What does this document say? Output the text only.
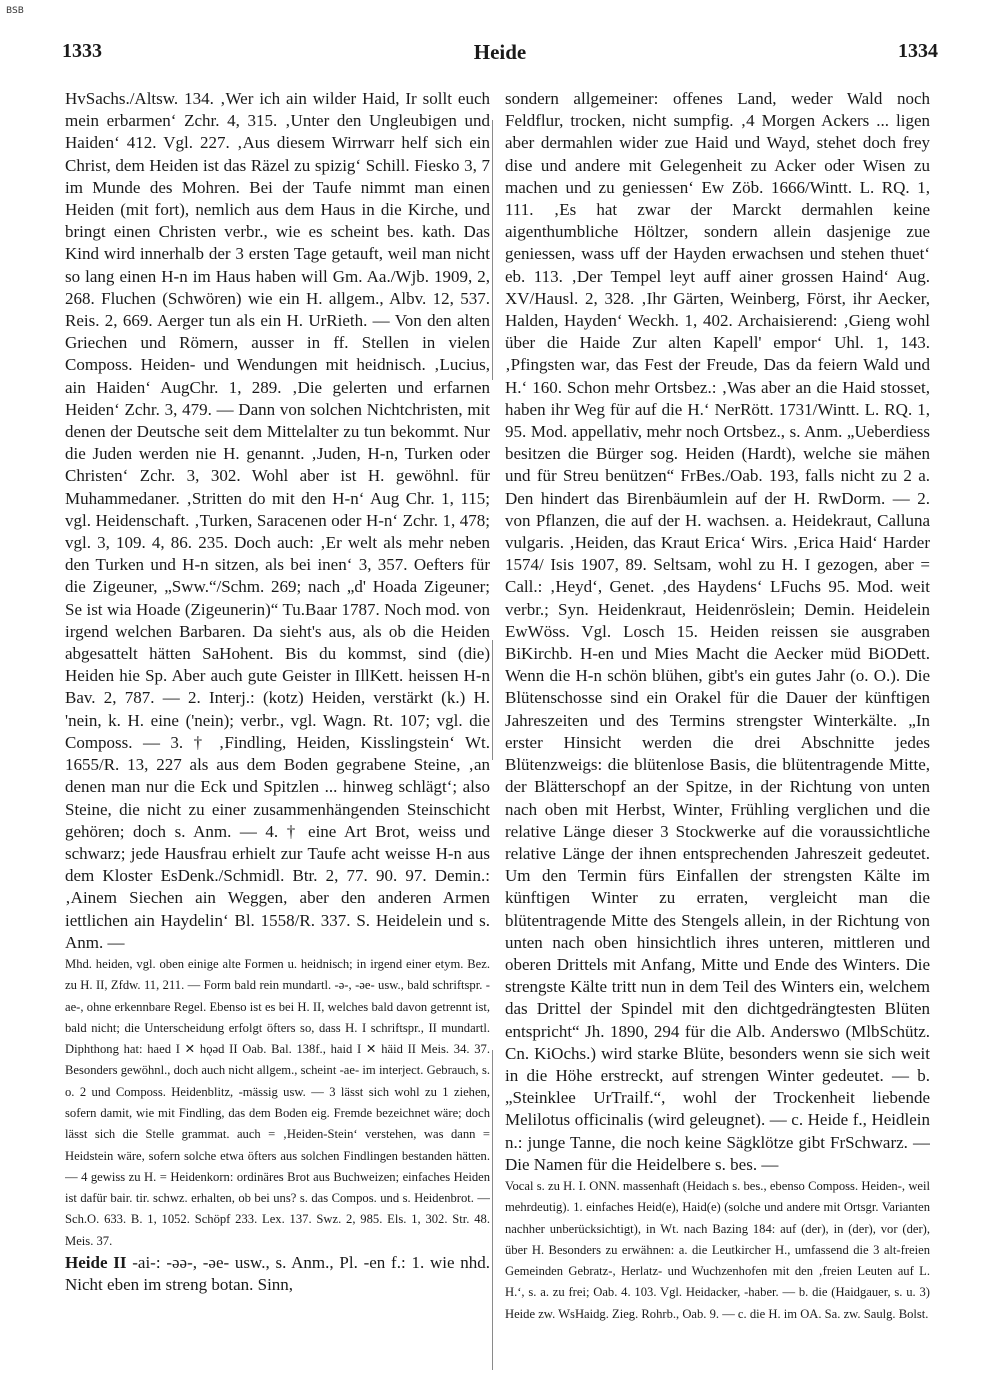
BSB
1333	Heide	1334

HvSachs./Altsw. 134. ‚Wer ich ain wilder Haid, Ir sollt euch mein erbarmen‘ Zchr. 4, 315. ‚Unter den Ungleubigen und Haiden‘ 412. Vgl. 227. ‚Aus diesem Wirrwarr helf sich ein Christ, dem Heiden ist das Räzel zu spizig‘ Schill. Fiesko 3, 7 im Munde des Mohren. Bei der Taufe nimmt man einen Heiden (mit fort), nemlich aus dem Haus in die Kirche, und bringt einen Christen verbr., wie es scheint bes. kath. Das Kind wird innerhalb der 3 ersten Tage getauft, weil man nicht so lang einen H-n im Haus haben will Gm. Aa./Wjb. 1909, 2, 268. Fluchen (Schwören) wie ein H. allgem., Albv. 12, 537. Reis. 2, 669. Aerger tun als ein H. UrRieth. — Von den alten Griechen und Römern, ausser in ff. Stellen in vielen Composs. Heiden- und Wendungen mit heidnisch. ‚Lucius, ain Haiden‘ AugChr. 1, 289. ‚Die gelerten und erfarnen Heiden‘ Zchr. 3, 479. — Dann von solchen Nichtchristen, mit denen der Deutsche seit dem Mittelalter zu tun bekommt. Nur die Juden werden nie H. genannt. ‚Juden, H-n, Turken oder Christen‘ Zchr. 3, 302. Wohl aber ist H. gewöhnl. für Muhammedaner. ‚Stritten do mit den H-n‘ Aug Chr. 1, 115; vgl. Heidenschaft. ‚Turken, Saracenen oder H-n‘ Zchr. 1, 478; vgl. 3, 109. 4, 86. 235. Doch auch: ‚Er welt als mehr neben den Turken und H-n sitzen, als bei inen‘ 3, 357. Oefters für die Zigeuner, „Sww.“/Schm. 269; nach „d' Hoada Zigeuner; Se ist wia Hoade (Zigeunerin)“ Tu.Baar 1787. Noch mod. von irgend welchen Barbaren. Da sieht's aus, als ob die Heiden abgesattelt hätten SaHohent. Bis du kommst, sind (die) Heiden hie Sp. Aber auch gute Geister in IllKett. heissen H-n Bav. 2, 787. — 2. Interj.: (kotz) Heiden, verstärkt (k.) H. 'nein, k. H. eine ('nein); verbr., vgl. Wagn. Rt. 107; vgl. die Composs. — 3. † ‚Findling, Heiden, Kisslingstein‘ Wt. 1655/R. 13, 227 als aus dem Boden gegrabene Steine, ‚an denen man nur die Eck und Spitzlen ... hinweg schlägt‘; also Steine, die nicht zu einer zusammenhängenden Steinschicht gehören; doch s. Anm. — 4. † eine Art Brot, weiss und schwarz; jede Hausfrau erhielt zur Taufe acht weisse H-n aus dem Kloster EsDenk./Schmidl. Btr. 2, 77. 90. 97. Demin.: ‚Ainem Siechen ain Weggen, aber den anderen Armen iettlichen ain Haydelin‘ Bl. 1558/R. 337. S. Heidelein und s. Anm. —

Mhd. heiden, vgl. oben einige alte Formen u. heidnisch; in irgend einer etym. Bez. zu H. II, Zfdw. 11, 211. — Form bald rein mundartl. -ǝ-, -ǝe- usw., bald schriftspr. -ae-, ohne erkennbare Regel. Ebenso ist es bei H. II, welches bald davon getrennt ist, bald nicht; die Unterscheidung erfolgt öfters so, dass H. I schriftspr., II mundartl. Diphthong hat: haed I ✕ hǫǝd II Oab. Bal. 138f., haid I ✕ häid II Meis. 34. 37. Besonders gewöhnl., doch auch nicht allgem., scheint -ae- im interject. Gebrauch, s. o. 2 und Composs. Heidenblitz, -mässig usw. — 3 lässt sich wohl zu 1 ziehen, sofern damit, wie mit Findling, das dem Boden eig. Fremde bezeichnet wäre; doch lässt sich die Stelle grammat. auch = ‚Heiden-Stein‘ verstehen, was dann = Heidstein wäre, sofern solche etwa öfters aus solchen Findlingen bestanden hätten. — 4 gewiss zu H. = Heidenkorn: ordinäres Brot aus Buchweizen; einfaches Heiden ist dafür bair. tir. schwz. erhalten, ob bei uns? s. das Compos. und s. Heidenbrot. — Sch.O. 633. B. 1, 1052. Schöpf 233. Lex. 137. Swz. 2, 985. Els. 1, 302. Str. 48. Meis. 37.

Heide II -ai-: -ǝǝ-, -ǝe- usw., s. Anm., Pl. -en f.: 1. wie nhd. Nicht eben im streng botan. Sinn,

sondern allgemeiner: offenes Land, weder Wald noch Feldflur, trocken, nicht sumpfig. ‚4 Morgen Ackers ... ligen aber dermahlen wider zue Haid und Wayd, stehet doch frey dise und andere mit Gelegenheit zu Acker oder Wisen zu machen und zu geniessen‘ Ew Zöb. 1666/Wintt. L. RQ. 1, 111. ‚Es hat zwar der Marckt dermahlen keine aigenthumbliche Höltzer, sondern allein dasjenige zue geniessen, wass uff der Hayden erwachsen und stehen thuet‘ eb. 113. ‚Der Tempel leyt auff ainer grossen Haind‘ Aug. XV/Hausl. 2, 328. ‚Ihr Gärten, Weinberg, Först, ihr Aecker, Halden, Hayden‘ Weckh. 1, 402. Archaisierend: ‚Gieng wohl über die Haide Zur alten Kapell' empor‘ Uhl. 1, 143. ‚Pfingsten war, das Fest der Freude, Das da feiern Wald und H.‘ 160. Schon mehr Ortsbez.: ‚Was aber an die Haid stosset, haben ihr Weg für auf die H.‘ NerRött. 1731/Wintt. L. RQ. 1, 95. Mod. appellativ, mehr noch Ortsbez., s. Anm. „Ueberdiess besitzen die Bürger sog. Heiden (Hardt), welche sie mähen und für Streu benützen“ FrBes./Oab. 193, falls nicht zu 2 a. Den hindert das Birenbäumlein auf der H. RwDorm. — 2. von Pflanzen, die auf der H. wachsen. a. Heidekraut, Calluna vulgaris. ‚Heiden, das Kraut Erica‘ Wirs. ‚Erica Haid‘ Harder 1574/ Isis 1907, 89. Seltsam, wohl zu H. I gezogen, aber = Call.: ‚Heyd‘, Genet. ‚des Haydens‘ LFuchs 95. Mod. weit verbr.; Syn. Heidenkraut, Heidenröslein; Demin. Heidelein EwWöss. Vgl. Losch 15. Heiden reissen sie ausgraben BiKirchb. H-en und Mies Macht die Aecker müd BiODett. Wenn die H-n schön blühen, gibt's ein gutes Jahr (o. O.). Die Blütenschosse sind ein Orakel für die Dauer der künftigen Jahreszeiten und des Termins strengster Winterkälte. „In erster Hinsicht werden die drei Abschnitte jedes Blütenzweigs: die blütenlose Basis, die blütentragende Mitte, der Blätterschopf an der Spitze, in der Richtung von unten nach oben mit Herbst, Winter, Frühling verglichen und die relative Länge dieser 3 Stockwerke auf die voraussichtliche relative Länge der ihnen entsprechenden Jahreszeit gedeutet. Um den Termin fürs Einfallen der strengsten Kälte im künftigen Winter zu erraten, vergleicht man die blütentragende Mitte des Stengels allein, in der Richtung von unten nach oben hinsichtlich ihres unteren, mittleren und oberen Drittels mit Anfang, Mitte und Ende des Winters. Die strengste Kälte tritt nun in dem Teil des Winters ein, welchem das Drittel der Spindel mit den dichtgedrängtesten Blüten entspricht“ Jh. 1890, 294 für die Alb. Anderswo (MlbSchütz. Cn. KiOchs.) wird starke Blüte, besonders wenn sie sich weit in die Höhe erstreckt, auf strengen Winter gedeutet. — b. „Steinklee UrTrailf.“, wohl der Trockenheit liebende Melilotus officinalis (wird geleugnet). — c. Heide f., Heidlein n.: junge Tanne, die noch keine Sägklötze gibt FrSchwarz. — Die Namen für die Heidelbere s. bes. —

Vocal s. zu H. I. ONN. massenhaft (Heidach s. bes., ebenso Composs. Heiden-, weil mehrdeutig). 1. einfaches Heid(e), Haid(e) (solche und andere mit Ortsgr. Varianten nachher unberücksichtigt), in Wt. nach Bazing 184: auf (der), in (der), vor (der), über H. Besonders zu erwähnen: a. die Leutkircher H., umfassend die 3 alt-freien Gemeinden Gebratz-, Herlatz- und Wuchzenhofen mit den ‚freien Leuten auf L. H.‘, s. a. zu frei; Oab. 4. 103. Vgl. Heidacker, -haber. — b. die (Haidgauer, s. u. 3) Heide zw. WsHaidg. Zieg. Rohrb., Oab. 9. — c. die H. im OA. Sa. zw. Saulg. Bolst.
